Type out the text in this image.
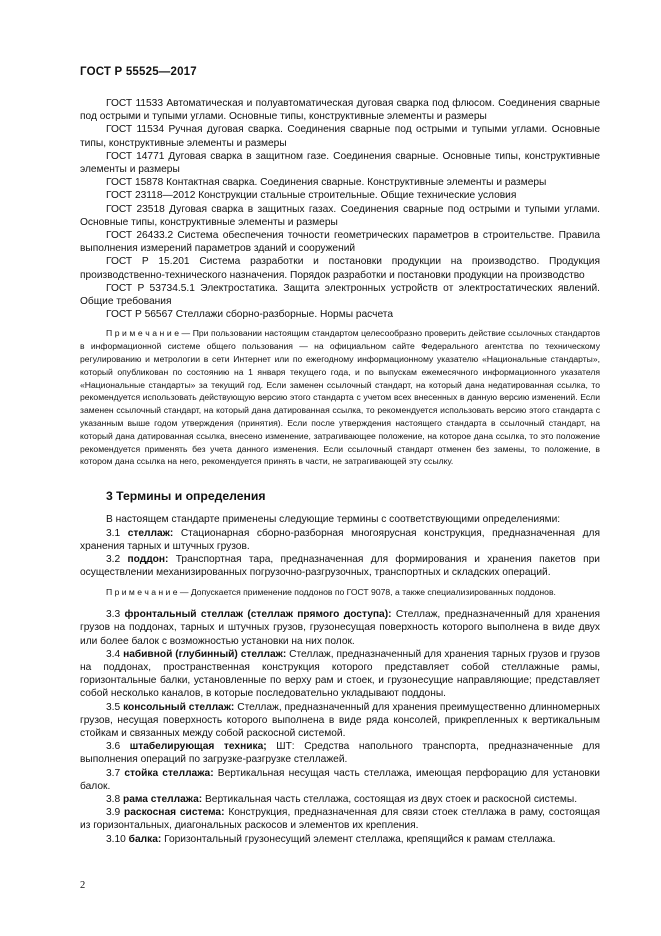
ГОСТ Р 55525—2017

ГОСТ 11533 Автоматическая и полуавтоматическая дуговая сварка под флюсом. Соединения сварные под острыми и тупыми углами. Основные типы, конструктивные элементы и размеры

ГОСТ 11534 Ручная дуговая сварка. Соединения сварные под острыми и тупыми углами. Основные типы, конструктивные элементы и размеры

ГОСТ 14771 Дуговая сварка в защитном газе. Соединения сварные. Основные типы, конструктивные элементы и размеры

ГОСТ 15878 Контактная сварка. Соединения сварные. Конструктивные элементы и размеры

ГОСТ 23118—2012 Конструкции стальные строительные. Общие технические условия

ГОСТ 23518 Дуговая сварка в защитных газах. Соединения сварные под острыми и тупыми углами. Основные типы, конструктивные элементы и размеры

ГОСТ 26433.2 Система обеспечения точности геометрических параметров в строительстве. Правила выполнения измерений параметров зданий и сооружений

ГОСТ Р 15.201 Система разработки и постановки продукции на производство. Продукция производственно-технического назначения. Порядок разработки и постановки продукции на производство

ГОСТ Р 53734.5.1 Электростатика. Защита электронных устройств от электростатических явлений. Общие требования

ГОСТ Р 56567 Стеллажи сборно-разборные. Нормы расчета

П р и м е ч а н и е — При пользовании настоящим стандартом целесообразно проверить действие ссылочных стандартов в информационной системе общего пользования — на официальном сайте Федерального агентства по техническому регулированию и метрологии в сети Интернет или по ежегодному информационному указателю «Национальные стандарты», который опубликован по состоянию на 1 января текущего года, и по выпускам ежемесячного информационного указателя «Национальные стандарты» за текущий год. Если заменен ссылочный стандарт, на который дана недатированная ссылка, то рекомендуется использовать действующую версию этого стандарта с учетом всех внесенных в данную версию изменений. Если заменен ссылочный стандарт, на который дана датированная ссылка, то рекомендуется использовать версию этого стандарта с указанным выше годом утверждения (принятия). Если после утверждения настоящего стандарта в ссылочный стандарт, на который дана датированная ссылка, внесено изменение, затрагивающее положение, на которое дана ссылка, то это положение рекомендуется применять без учета данного изменения. Если ссылочный стандарт отменен без замены, то положение, в котором дана ссылка на него, рекомендуется принять в части, не затрагивающей эту ссылку.

3 Термины и определения

В настоящем стандарте применены следующие термины с соответствующими определениями:

3.1 стеллаж: Стационарная сборно-разборная многоярусная конструкция, предназначенная для хранения тарных и штучных грузов.

3.2 поддон: Транспортная тара, предназначенная для формирования и хранения пакетов при осуществлении механизированных погрузочно-разгрузочных, транспортных и складских операций.

П р и м е ч а н и е — Допускается применение поддонов по ГОСТ 9078, а также специализированных поддонов.

3.3 фронтальный стеллаж (стеллаж прямого доступа): Стеллаж, предназначенный для хранения грузов на поддонах, тарных и штучных грузов, грузонесущая поверхность которого выполнена в виде двух или более балок с возможностью установки на них полок.

3.4 набивной (глубинный) стеллаж: Стеллаж, предназначенный для хранения тарных грузов и грузов на поддонах, пространственная конструкция которого представляет собой стеллажные рамы, горизонтальные балки, установленные по верху рам и стоек, и грузонесущие направляющие; представляет собой несколько каналов, в которые последовательно укладывают поддоны.

3.5 консольный стеллаж: Стеллаж, предназначенный для хранения преимущественно длинномерных грузов, несущая поверхность которого выполнена в виде ряда консолей, прикрепленных к вертикальным стойкам и связанных между собой раскосной системой.

3.6 штабелирующая техника; ШТ: Средства напольного транспорта, предназначенные для выполнения операций по загрузке-разгрузке стеллажей.

3.7 стойка стеллажа: Вертикальная несущая часть стеллажа, имеющая перфорацию для установки балок.

3.8 рама стеллажа: Вертикальная часть стеллажа, состоящая из двух стоек и раскосной системы.

3.9 раскосная система: Конструкция, предназначенная для связи стоек стеллажа в раму, состоящая из горизонтальных, диагональных раскосов и элементов их крепления.

3.10 балка: Горизонтальный грузонесущий элемент стеллажа, крепящийся к рамам стеллажа.

2
